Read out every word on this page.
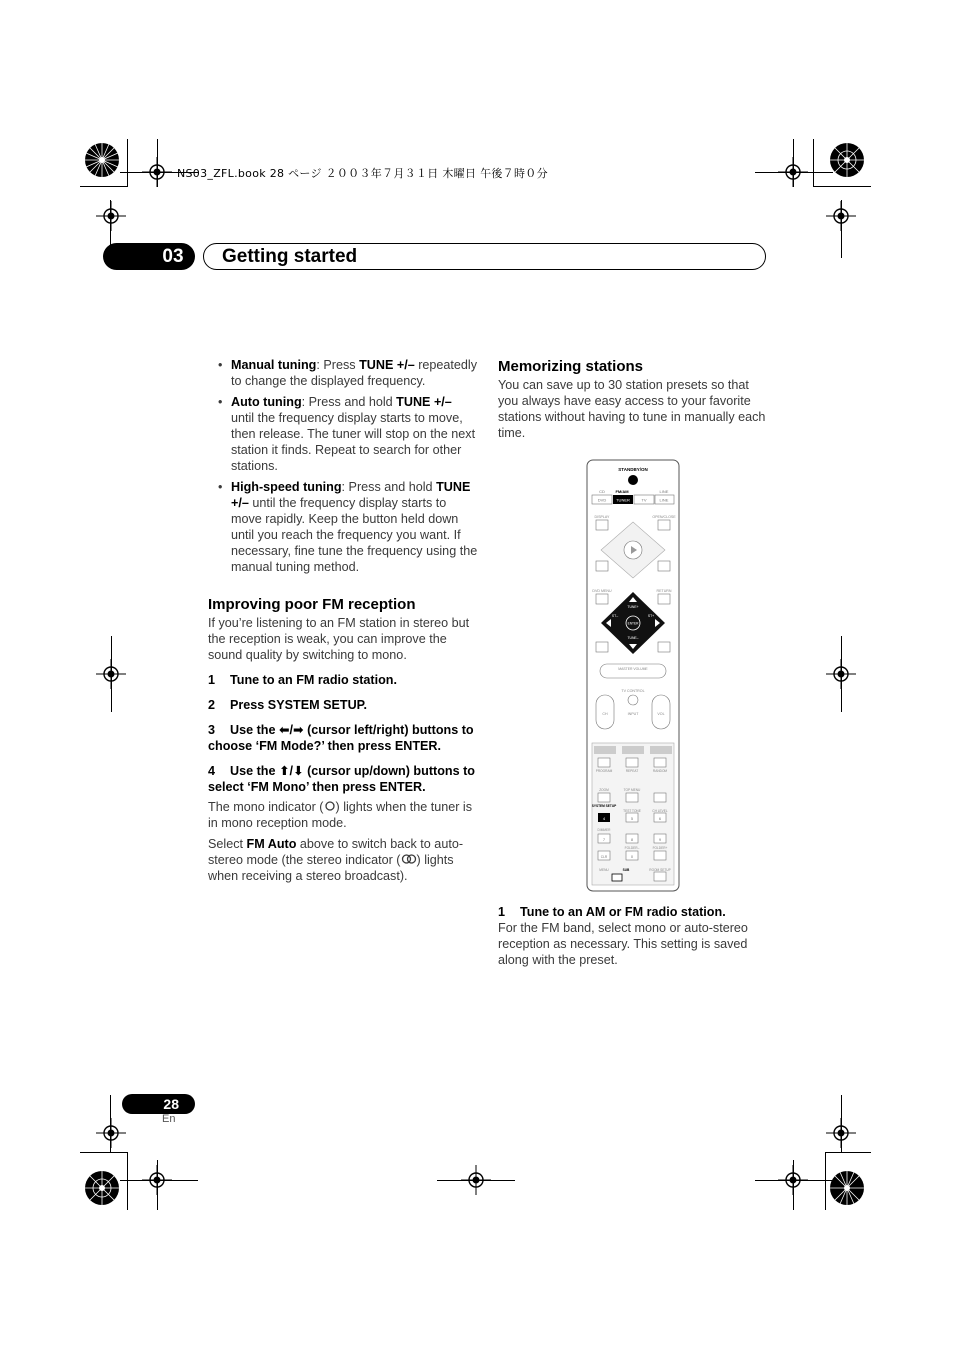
NS03_ZFL.book 28 ページ ２００３年７月３１日 木曜日 午後７時０分
03	Getting started
• Manual tuning: Press TUNE +/– repeatedly to change the displayed frequency.
• Auto tuning: Press and hold TUNE +/– until the frequency display starts to move, then release. The tuner will stop on the next station it finds. Repeat to search for other stations.
• High-speed tuning: Press and hold TUNE +/– until the frequency display starts to move rapidly. Keep the button held down until you reach the frequency you want. If necessary, fine tune the frequency using the manual tuning method.
Improving poor FM reception

If you’re listening to an FM station in stereo but the reception is weak, you can improve the sound quality by switching to mono.

1 Tune to an FM radio station.
2 Press SYSTEM SETUP.
3 Use the ⬅/➡ (cursor left/right) buttons to choose ‘FM Mode?’ then press ENTER.
4 Use the ⬆/⬇ (cursor up/down) buttons to select ‘FM Mono’ then press ENTER.

The mono indicator ( ) lights when the tuner is in mono reception mode.

Select FM Auto above to switch back to auto-stereo mode (the stereo indicator ( ) lights when receiving a stereo broadcast).

Memorizing stations

You can save up to 30 station presets so that you always have easy access to your favorite stations without having to tune in manually each time.

1 Tune to an AM or FM radio station.

For the FM band, select mono or auto-stereo reception as necessary. This setting is saved along with the preset.

STANDBY/ON
CD	FM/AM	LINE
DVD TUNER	TV	LINE
DISPLAY	OPEN/CLOSE
DVD MENU	RETURN
ENTER
TUNE+
TUNE–
ST–	ST+
MASTER VOLUME
TV CONTROL
CH	INPUT	VOL
PROGRAM	REPEAT	RANDOM
ZOOM	TOP MENU
SYSTEM SETUP
TEST TONE	CH LEVEL
4	5	6
DIMMER
7	8	9
FOLDER–	FOLDER+
CLR	0
MENU	ROOM SETUP
SUB
28
En
